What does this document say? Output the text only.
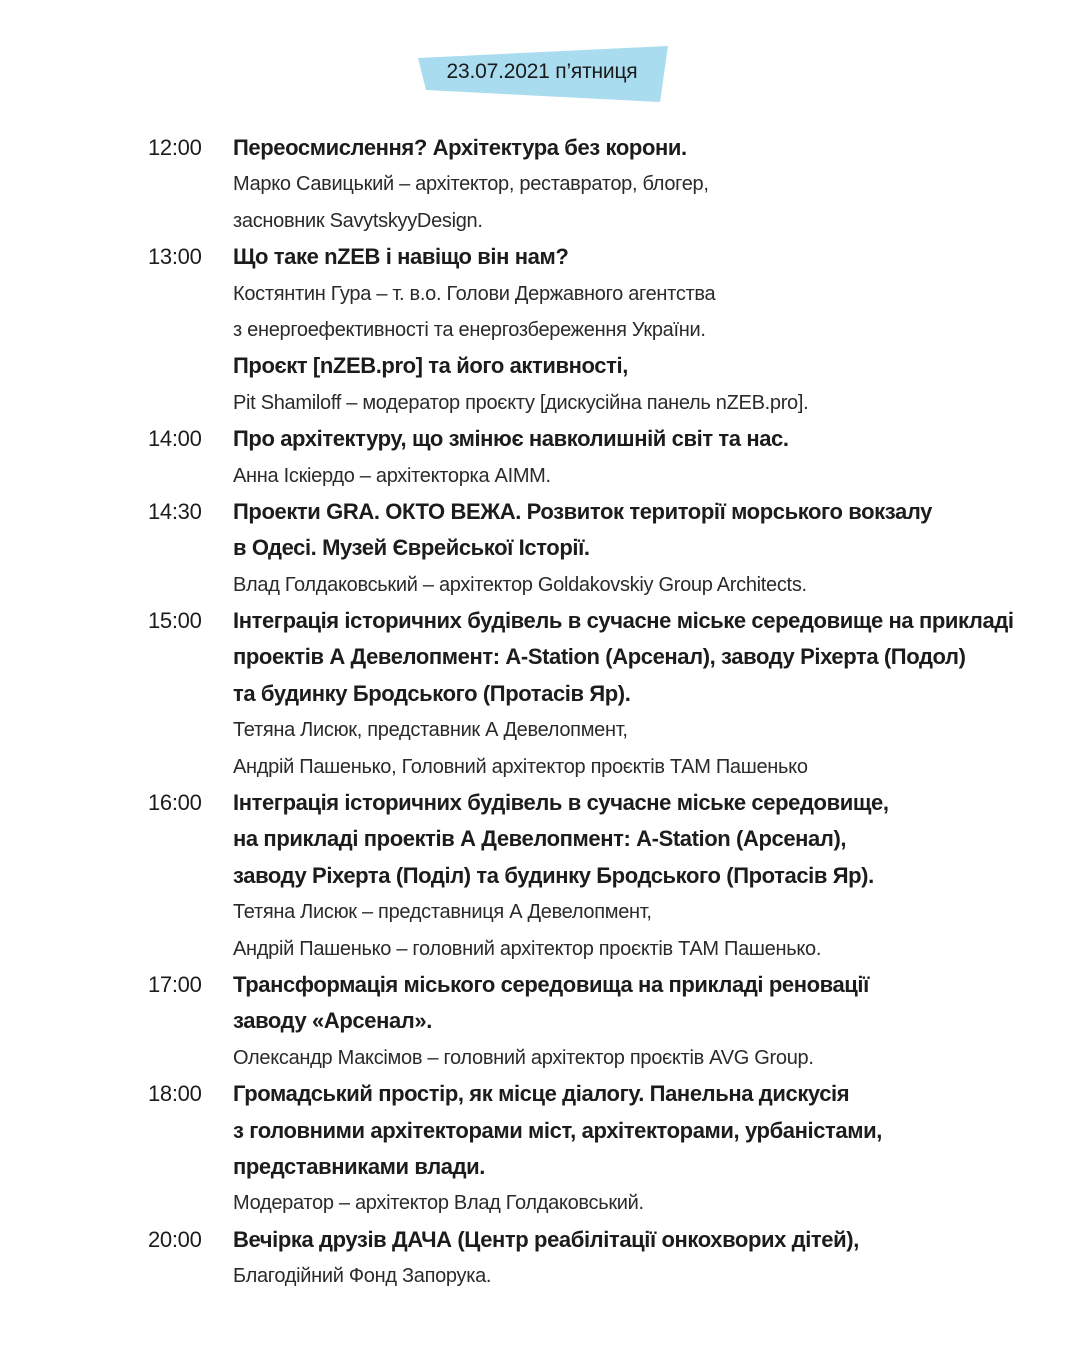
23.07.2021 п’ятниця
12:00	Переосмислення? Архітектура без корони.
Марко Савицький – архітектор, реставратор, блогер,
засновник SavytskyyDesign.
13:00	Що таке nZEB і навіщо він нам?
Костянтин Гура – т. в.о. Голови Державного агентства
з енергоефективності та енергозбереження України.
Проєкт [nZEB.pro] та його активності,
Pit Shamiloff – модератор проєкту [дискусійна панель nZEB.pro].
14:00	Про архітектуру, що змінює навколишній світ та нас.
Анна Іскіердо – архітекторка AIMM.
14:30	Проекти GRA. ОКТО ВЕЖА. Розвиток території морського вокзалу
в Одесі. Музей Єврейської Історії.
Влад Голдаковський – архітектор Goldakovskiy Group Architects.
15:00	Інтеграція історичних будівель в сучасне міське середовище на прикладі
проектів А Девелопмент: A-Station (Арсенал), заводу Ріхерта (Подол)
та будинку Бродського (Протасів Яр).
Тетяна Лисюк, представник А Девелопмент,
Андрій Пашенько, Головний архітектор проєктів ТАМ Пашенько
16:00	Інтеграція історичних будівель в сучасне міське середовище,
на прикладі проектів А Девелопмент: A-Station (Арсенал),
заводу Ріхерта (Поділ) та будинку Бродського (Протасів Яр).
Тетяна Лисюк – представниця А Девелопмент,
Андрій Пашенько – головний архітектор проєктів ТАМ Пашенько.
17:00	Трансформація міського середовища на прикладі реновації
заводу «Арсенал».
Олександр Максімов – головний архітектор проєктів AVG Group.
18:00	Громадський простір, як місце діалогу. Панельна дискусія
з головними архітекторами міст, архітекторами, урбаністами,
представниками влади.
Модератор – архітектор Влад Голдаковський.
20:00	Вечірка друзів ДАЧА (Центр реабілітації онкохворих дітей),
Благодійний Фонд Запорука.
